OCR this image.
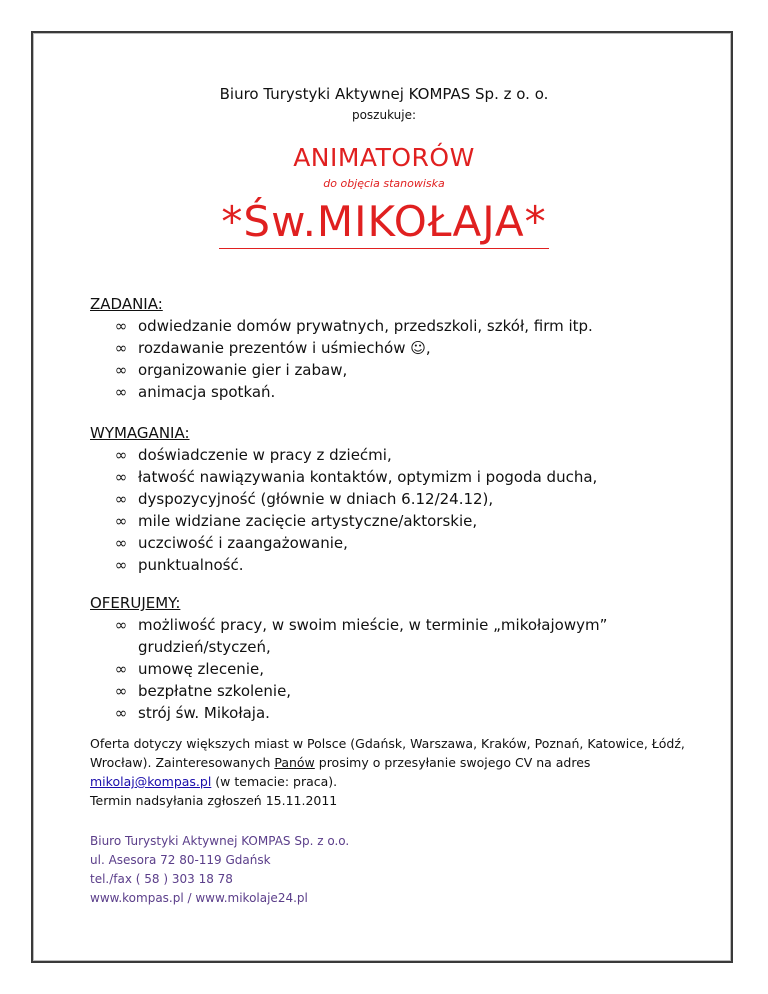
Biuro Turystyki Aktywnej KOMPAS Sp. z o. o.
poszukuje:
ANIMATORÓW
do objęcia stanowiska
*Św.MIKOŁAJA*

ZADANIA:

∞ odwiedzanie domów prywatnych, przedszkoli, szkół, firm itp.
∞ rozdawanie prezentów i uśmiechów ☺,
∞ organizowanie gier i zabaw,
∞ animacja spotkań.

WYMAGANIA:

∞ doświadczenie w pracy z dziećmi,
∞ łatwość nawiązywania kontaktów, optymizm i pogoda ducha,
∞ dyspozycyjność (głównie w dniach 6.12/24.12),
∞ mile widziane zacięcie artystyczne/aktorskie,
∞ uczciwość i zaangażowanie,
∞ punktualność.

OFERUJEMY:

∞ możliwość pracy, w swoim mieście, w terminie „mikołajowym” grudzień/styczeń,
∞ umowę zlecenie,
∞ bezpłatne szkolenie,
∞ strój św. Mikołaja.
Oferta dotyczy większych miast w Polsce (Gdańsk, Warszawa, Kraków, Poznań, Katowice, Łódź, Wrocław). Zainteresowanych Panów prosimy o przesyłanie swojego CV na adres mikolaj@kompas.pl (w temacie: praca).
Termin nadsyłania zgłoszeń 15.11.2011
Biuro Turystyki Aktywnej KOMPAS Sp. z o.o.
ul. Asesora 72 80-119 Gdańsk
tel./fax ( 58 ) 303 18 78
www.kompas.pl / www.mikolaje24.pl
